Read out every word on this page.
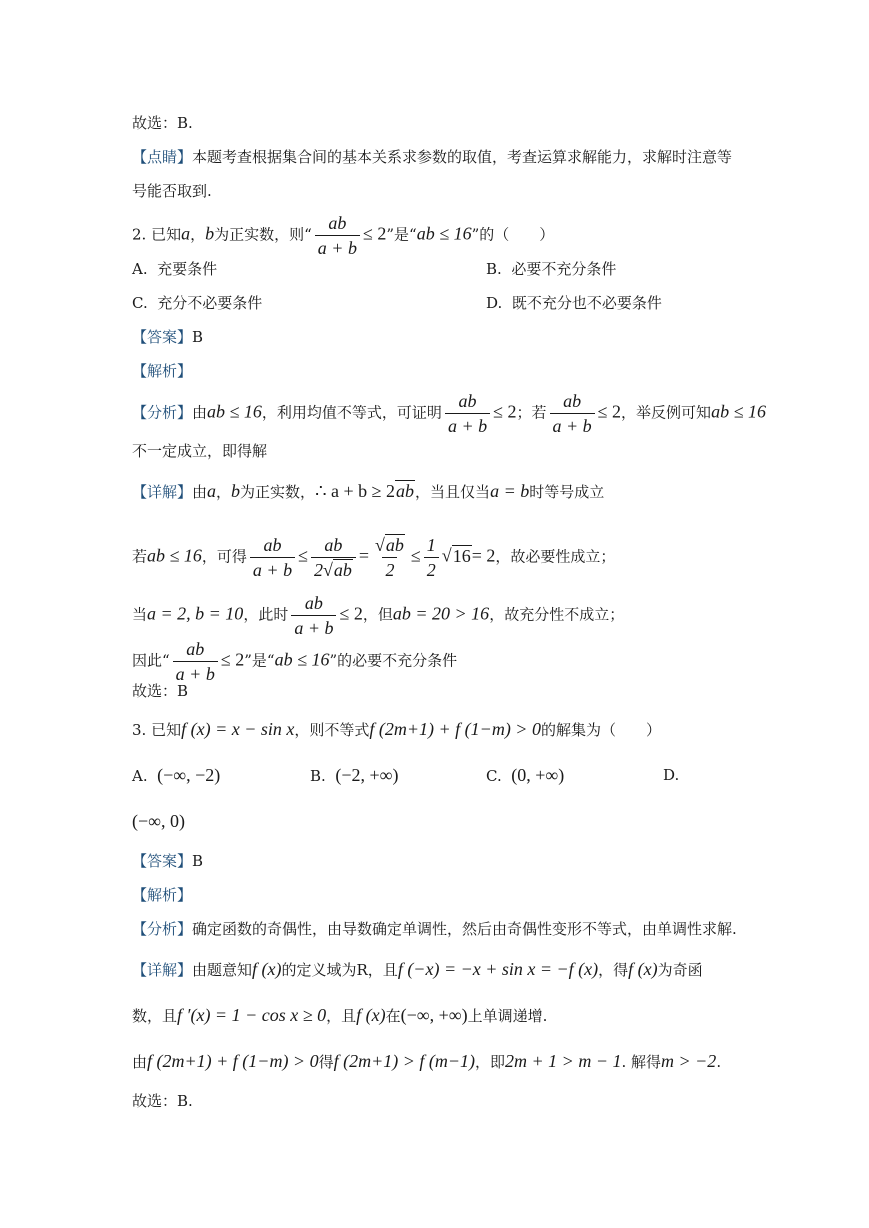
故选：B.
【点睛】本题考查根据集合间的基本关系求参数的取值，考查运算求解能力，求解时注意等
号能否取到.
2. 已知a，b为正实数，则“ $\frac{ab}{a + b} \le 2$”是“ab ≤ 16”的（　　）
A. 充要条件	B. 必要不充分条件
C. 充分不必要条件	D. 既不充分也不必要条件
【答案】B
【解析】
【分析】由ab ≤ 16，利用均值不等式，可证明 $\frac{ab}{a + b} \le 2$；若 $\frac{ab}{a + b} \le 2$，举反例可知ab ≤ 16
不一定成立，即得解
【详解】由a，b为正实数，∴ a + b ≥ 2ab，当且仅当a = b时等号成立
若ab ≤ 16，可得 $\frac{ab}{a + b} \le \frac{ab}{2√ab} = \frac{√ab}{2} \le \frac{1}{2} √16= 2$，故必要性成立；
当a = 2, b = 10，此时 $\frac{ab}{a + b} \le 2$，但ab = 20 > 16，故充分性不成立；
因此“ $\frac{ab}{a + b} \le 2$”是“ab ≤ 16”的必要不充分条件
故选：B
3. 已知f (x) = x − sin x，则不等式f (2m+1) + f (1−m) > 0的解集为（　　）
A. (−∞, −2)	B. (−2, +∞)	C. (0, +∞)	D.
(−∞, 0)
【答案】B
【解析】
【分析】确定函数的奇偶性，由导数确定单调性，然后由奇偶性变形不等式，由单调性求解.
【详解】由题意知f (x)的定义域为R，且f (−x) = −x + sin x = −f (x)，得f (x)为奇函
数，且f ′(x) = 1 − cos x ≥ 0，且f (x)在(−∞, +∞)上单调递增.
由f (2m+1) + f (1−m) > 0得f (2m+1) > f (m−1)，即2m + 1 > m − 1. 解得m > −2.
故选：B.
